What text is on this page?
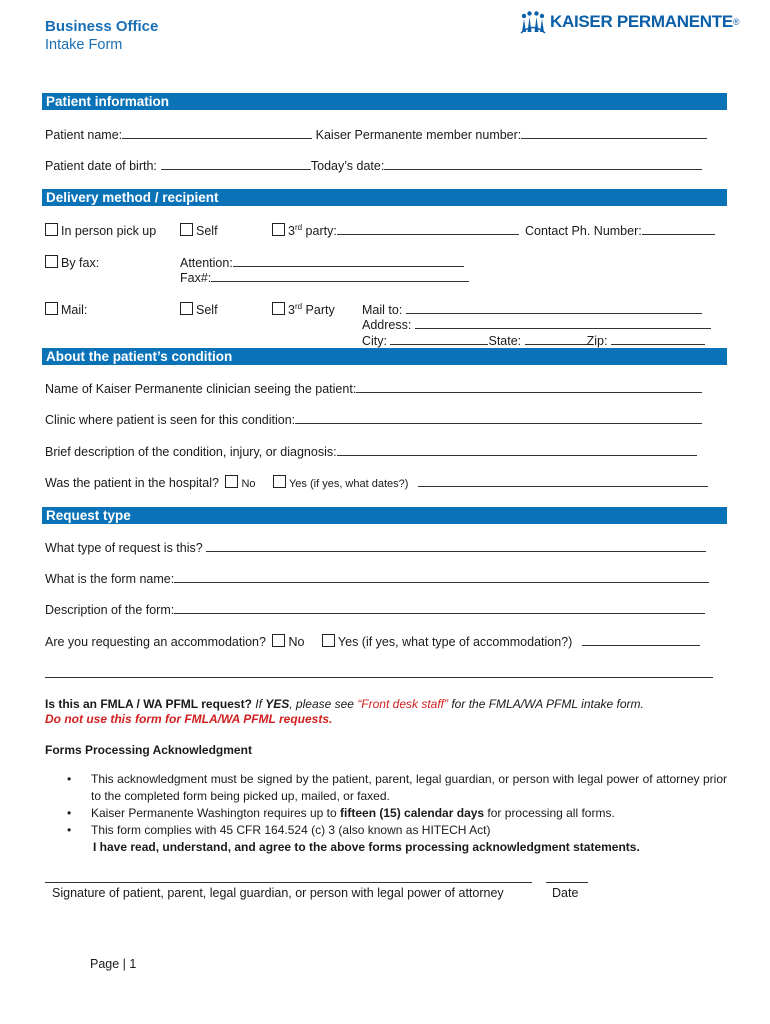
Business Office
Intake Form
KAISER PERMANENTE ®
Patient information
Patient name:	Kaiser Permanente member number:
Patient date of birth:	Today’s date:
Delivery method / recipient
In person pick up	Self	3rd party:	Contact Ph. Number:
By fax:	Attention:
Fax#:
Mail:	Self	3rd Party Mail to:
Address:
City:	State:	Zip:
About the patient’s condition
Name of Kaiser Permanente clinician seeing the patient:
Clinic where patient is seen for this condition:
Brief description of the condition, injury, or diagnosis:
Was the patient in the hospital? No	Yes (if yes, what dates?)
Request type
What type of request is this?
What is the form name:
Description of the form:
Are you requesting an accommodation? No	Yes (if yes, what type of accommodation?)
Is this an FMLA / WA PFML request? If YES, please see “Front desk staff” for the FMLA/WA PFML intake form.
Do not use this form for FMLA/WA PFML requests.
Forms Processing Acknowledgment
• This acknowledgment must be signed by the patient, parent, legal guardian, or person with legal power of attorney prior to the completed form being picked up, mailed, or faxed.
• Kaiser Permanente Washington requires up to fifteen (15) calendar days for processing all forms.
• This form complies with 45 CFR 164.524 (c) 3 (also known as HITECH Act)
I have read, understand, and agree to the above forms processing acknowledgment statements.
Signature of patient, parent, legal guardian, or person with legal power of attorney	Date
Page | 1
